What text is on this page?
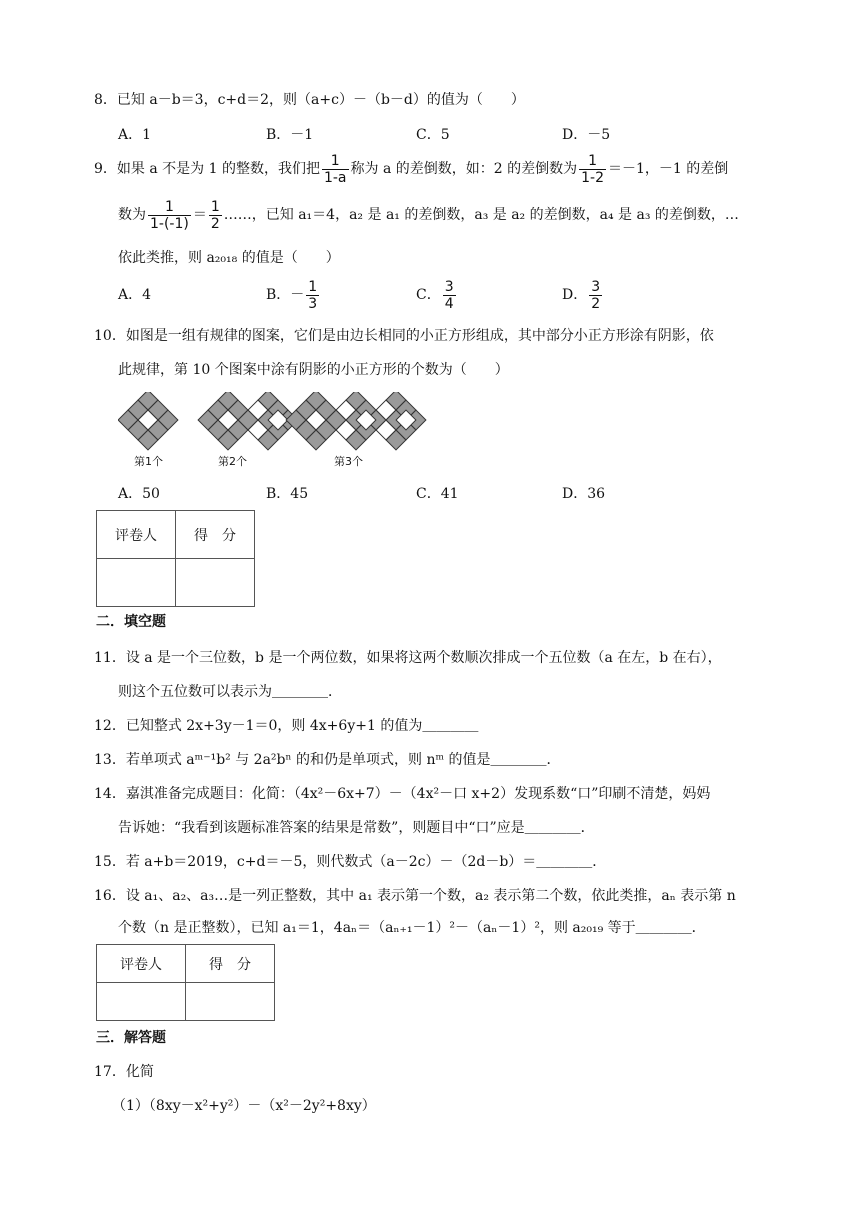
8．已知 a－b＝3，c+d＝2，则（a+c）－（b－d）的值为（　　）
A．1	B．－1	C．5	D．－5
9．如果 a 不是为 1 的整数，我们把 $\frac{1}{1-a}$ 称为 a 的差倒数，如：2 的差倒数为 $\frac{1}{1-2} =-1$，－1 的差倒
数为 $\frac{1}{1-(-1)} = \frac{1}{2}$ ……，已知 a₁＝4，a₂ 是 a₁ 的差倒数，a₃ 是 a₂ 的差倒数，a₄ 是 a₃ 的差倒数，…
依此类推，则 a₂₀₁₈ 的值是（　　）
A．4	B．－ $\frac{1}{3}$	C． $\frac{3}{4}$	D． $\frac{3}{2}$
10．如图是一组有规律的图案，它们是由边长相同的小正方形组成，其中部分小正方形涂有阴影，依
此规律，第 10 个图案中涂有阴影的小正方形的个数为（　　）
第1个	第2个	第3个
A．50	B．45	C．41	D．36
评卷人	得　分

二．填空题
11．设 a 是一个三位数，b 是一个两位数，如果将这两个数顺次排成一个五位数（a 在左，b 在右），
则这个五位数可以表示为＿＿＿＿．
12．已知整式 2x+3y－1＝0，则 4x+6y+1 的值为＿＿＿＿
13．若单项式 aᵐ⁻¹b² 与 2a²bⁿ 的和仍是单项式，则 nᵐ 的值是＿＿＿＿．
14．嘉淇准备完成题目：化简：（4x²－6x+7）－（4x²－口 x+2）发现系数“口”印刷不清楚，妈妈
告诉她：“我看到该题标准答案的结果是常数”，则题目中“口”应是＿＿＿＿．
15．若 a+b＝2019，c+d＝－5，则代数式（a－2c）－（2d－b）＝＿＿＿＿．
16．设 a₁、a₂、a₃…是一列正整数，其中 a₁ 表示第一个数，a₂ 表示第二个数，依此类推，aₙ 表示第 n
个数（n 是正整数），已知 a₁＝1，4aₙ＝（aₙ₊₁－1）²－（aₙ－1）²，则 a₂₀₁₉ 等于＿＿＿＿．
评卷人	得　分

三．解答题
17．化简
（1）（8xy－x²+y²）－（x²－2y²+8xy）
